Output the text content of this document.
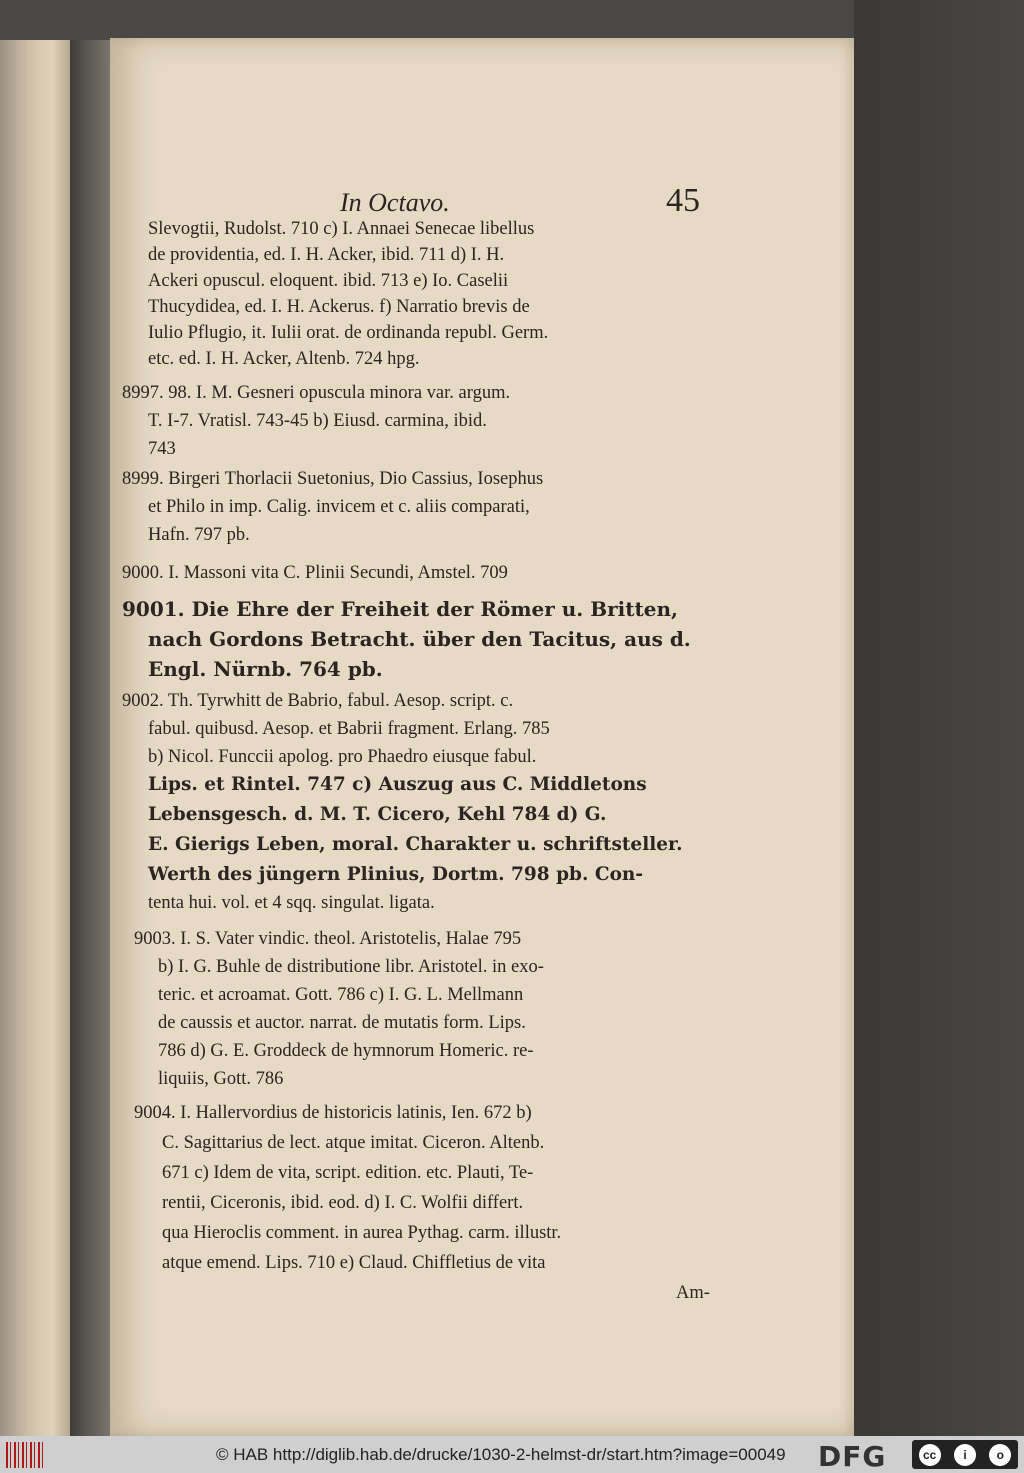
In Octavo.	45
Slevogtii, Rudolst. 710 c) I. Annaei Senecae libellus
de providentia, ed. I. H. Acker, ibid. 711 d) I. H.
Ackeri opuscul. eloquent. ibid. 713 e) Io. Caselii
Thucydidea, ed. I. H. Ackerus. f) Narratio brevis de
Iulio Pflugio, it. Iulii orat. de ordinanda republ. Germ.
etc. ed. I. H. Acker, Altenb. 724 hpg.
8997. 98. I. M. Gesneri opuscula minora var. argum.
T. I-7. Vratisl. 743-45 b) Eiusd. carmina, ibid.
743
8999. Birgeri Thorlacii Suetonius, Dio Cassius, Iosephus
et Philo in imp. Calig. invicem et c. aliis comparati,
Hafn. 797 pb.
9000. I. Massoni vita C. Plinii Secundi, Amstel. 709
9001. Die Ehre der Freiheit der Römer u. Britten,
nach Gordons Betracht. über den Tacitus, aus d.
Engl. Nürnb. 764 pb.
9002. Th. Tyrwhitt de Babrio, fabul. Aesop. script. c.
fabul. quibusd. Aesop. et Babrii fragment. Erlang. 785
b) Nicol. Funccii apolog. pro Phaedro eiusque fabul.
Lips. et Rintel. 747 c) Auszug aus C. Middletons
Lebensgesch. d. M. T. Cicero, Kehl 784 d) G.
E. Gierigs Leben, moral. Charakter u. schriftsteller.
Werth des jüngern Plinius, Dortm. 798 pb. Con-
tenta hui. vol. et 4 sqq. singulat. ligata.
9003. I. S. Vater vindic. theol. Aristotelis, Halae 795
b) I. G. Buhle de distributione libr. Aristotel. in exo-
teric. et acroamat. Gott. 786 c) I. G. L. Mellmann
de caussis et auctor. narrat. de mutatis form. Lips.
786 d) G. E. Groddeck de hymnorum Homeric. re-
liquiis, Gott. 786
9004. I. Hallervordius de historicis latinis, Ien. 672 b)
C. Sagittarius de lect. atque imitat. Ciceron. Altenb.
671 c) Idem de vita, script. edition. etc. Plauti, Te-
rentii, Ciceronis, ibid. eod. d) I. C. Wolfii differt.
qua Hieroclis comment. in aurea Pythag. carm. illustr.
atque emend. Lips. 710 e) Claud. Chiffletius de vita
Am-
© HAB http://diglib.hab.de/drucke/1030-2-helmst-dr/start.htm?image=00049 DFG	cc	i	o
